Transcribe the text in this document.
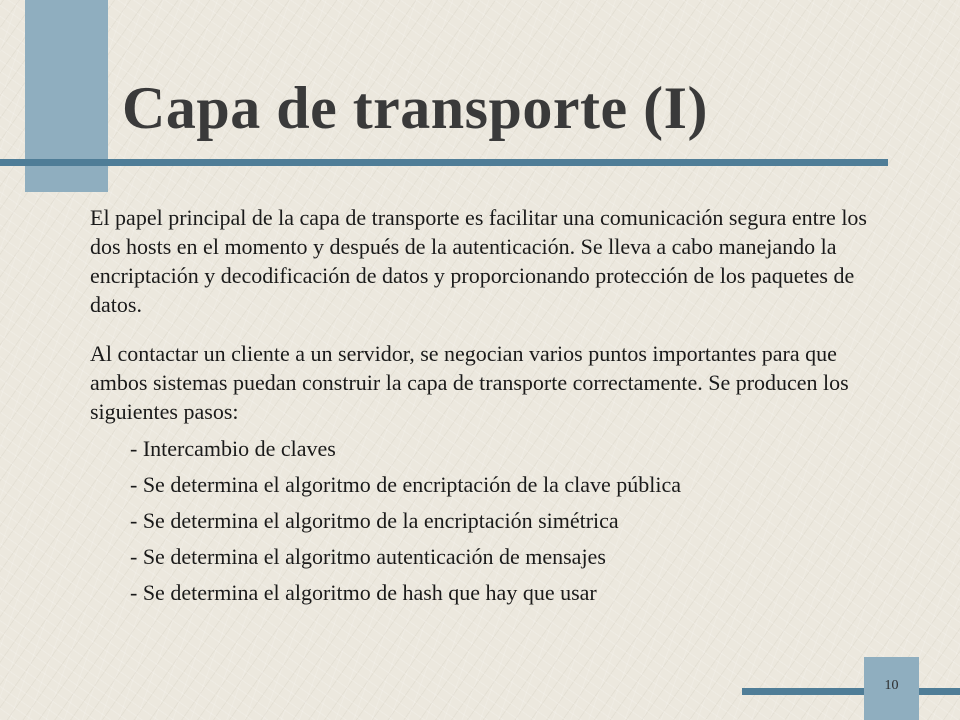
Capa de transporte (I)

El papel principal de la capa de transporte es facilitar una comunicación segura entre los dos hosts en el momento y después de la autenticación. Se lleva a cabo manejando la encriptación y decodificación de datos y proporcionando protección de los paquetes de datos.

Al contactar un cliente a un servidor, se negocian varios puntos importantes para que ambos sistemas puedan construir la capa de transporte correctamente. Se producen los siguientes pasos:

- Intercambio de claves
- Se determina el algoritmo de encriptación de la clave pública
- Se determina el algoritmo de la encriptación simétrica
- Se determina el algoritmo autenticación de mensajes
- Se determina el algoritmo de hash que hay que usar
10
